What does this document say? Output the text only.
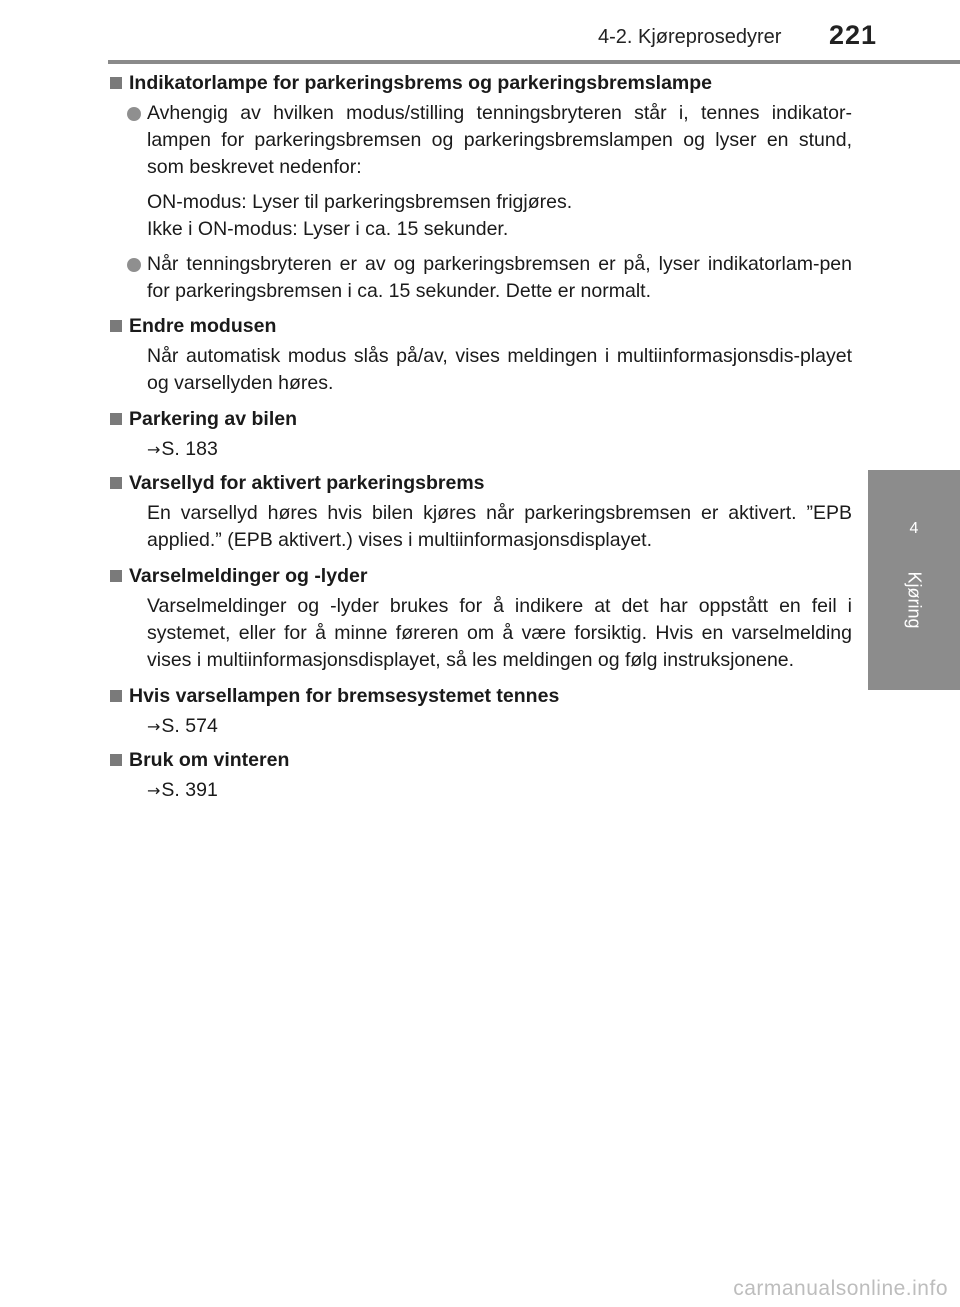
4-2. Kjøreprosedyrer 221
4
Kjøring
Indikatorlampe for parkeringsbrems og parkeringsbremslampe
Avhengig av hvilken modus/stilling tenningsbryteren står i, tennes indikator-lampen for parkeringsbremsen og parkeringsbremslampen og lyser en stund, som beskrevet nedenfor:
ON-modus: Lyser til parkeringsbremsen frigjøres.
Ikke i ON-modus: Lyser i ca. 15 sekunder.
Når tenningsbryteren er av og parkeringsbremsen er på, lyser indikatorlam-pen for parkeringsbremsen i ca. 15 sekunder. Dette er normalt.
Endre modusen
Når automatisk modus slås på/av, vises meldingen i multiinformasjonsdis-playet og varsellyden høres.
Parkering av bilen
→S. 183
Varsellyd for aktivert parkeringsbrems
En varsellyd høres hvis bilen kjøres når parkeringsbremsen er aktivert. ”EPB applied.” (EPB aktivert.) vises i multiinformasjonsdisplayet.
Varselmeldinger og -lyder
Varselmeldinger og -lyder brukes for å indikere at det har oppstått en feil i systemet, eller for å minne føreren om å være forsiktig. Hvis en varselmelding vises i multiinformasjonsdisplayet, så les meldingen og følg instruksjonene.
Hvis varsellampen for bremsesystemet tennes
→S. 574
Bruk om vinteren
→S. 391
carmanualsonline.info
